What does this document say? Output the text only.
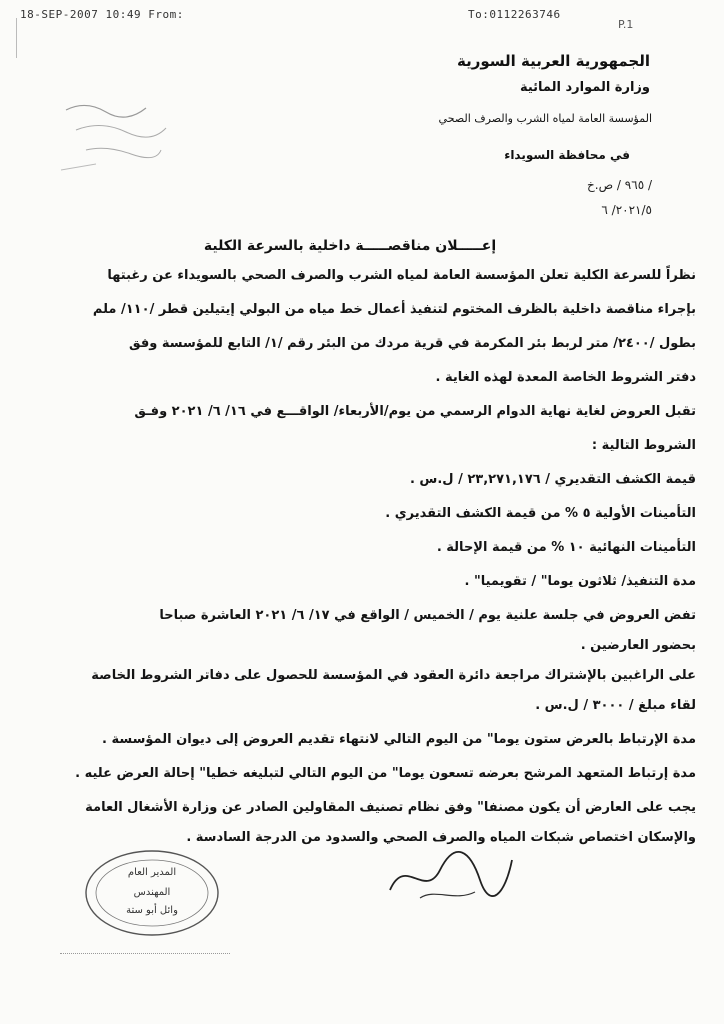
18-SEP-2007 10:49 From:	To:0112263746
P.1
الجمهورية العربية السورية
وزارة الموارد المائية
المؤسسة العامة لمياه الشرب والصرف الصحي
في محافظة السويداء
/ ٩٦٥ / ص.خ
٢٠٢١/٥/ ٦
إعـــــلان مناقصـــــة داخلية بالسرعة الكلية
نظراً للسرعة الكلية تعلن المؤسسة العامة لمياه الشرب والصرف الصحي بالسويداء عن رغبتها
بإجراء مناقصة داخلية بالظرف المختوم لتنفيذ أعمال خط مياه من البولي إيتيلين قطر /١١٠/ ملم
بطول /٢٤٠٠/ متر لربط بئر المكرمة في قرية مردك من البئر رقم /١/ التابع للمؤسسة وفق
دفتر الشروط الخاصة المعدة لهذه الغاية .
تقبل العروض لغاية نهاية الدوام الرسمي من يوم/الأربعاء/ الواقـــع في ١٦/ ٦/ ٢٠٢١ وفـق
الشروط التالية :
قيمة الكشف التقديري / ٢٣,٢٧١,١٧٦ / ل.س .
التأمينات الأولية ٥ % من قيمة الكشف التقديري .
التأمينات النهائية ١٠ % من قيمة الإحالة .
مدة التنفيذ/ ثلاثون يوما" / تقويميا" .
تفض العروض في جلسة علنية يوم / الخميس / الواقع في ١٧/ ٦/ ٢٠٢١ العاشرة صباحا
بحضور العارضين .
على الراغبين بالإشتراك مراجعة دائرة العقود في المؤسسة للحصول على دفاتر الشروط الخاصة
لقاء مبلغ / ٣٠٠٠ / ل.س .
مدة الإرتباط بالعرض ستون يوما" من اليوم التالي لانتهاء تقديم العروض إلى ديوان المؤسسة .
مدة إرتباط المتعهد المرشح بعرضه تسعون يوما" من اليوم التالي لتبليغه خطيا" إحالة العرض عليه .
يجب على العارض أن يكون مصنفا" وفق نظام تصنيف المقاولين الصادر عن وزارة الأشغال العامة
والإسكان اختصاص شبكات المياه والصرف الصحي والسدود من الدرجة السادسة .
المدير العام
المهندس
وائل أبو ستة
